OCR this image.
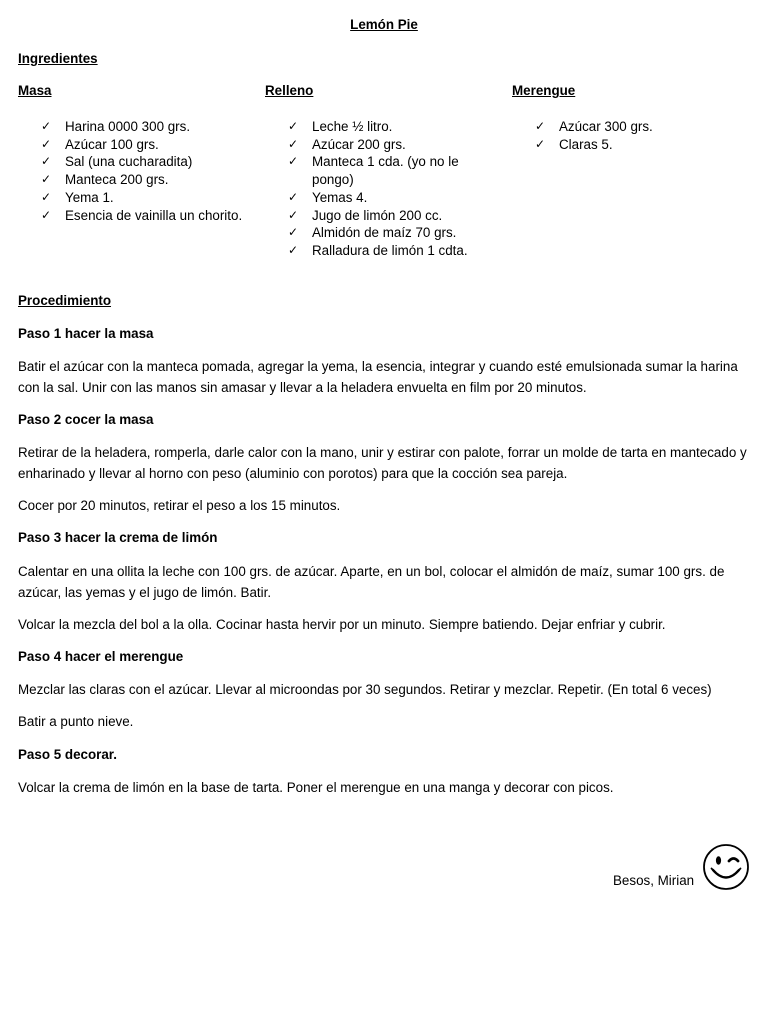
Lemón Pie
Ingredientes
Masa
✓ Harina 0000 300 grs.
✓ Azúcar 100 grs.
✓ Sal (una cucharadita)
✓ Manteca 200 grs.
✓ Yema 1.
✓ Esencia de vainilla un chorito.
Relleno
✓ Leche ½ litro.
✓ Azúcar 200 grs.
✓ Manteca 1 cda. (yo no le pongo)
✓ Yemas 4.
✓ Jugo de limón 200 cc.
✓ Almidón de maíz 70 grs.
✓ Ralladura de limón 1 cdta.
Merengue
✓ Azúcar 300 grs.
✓ Claras 5.
Procedimiento

Paso 1 hacer la masa

Batir el azúcar con la manteca pomada, agregar la yema, la esencia, integrar y cuando esté emulsionada sumar la harina con la sal. Unir con las manos sin amasar y llevar a la heladera envuelta en film por 20 minutos.

Paso 2 cocer la masa

Retirar de la heladera, romperla, darle calor con la mano, unir y estirar con palote, forrar un molde de tarta en mantecado y enharinado y llevar al horno con peso (aluminio con porotos) para que la cocción sea pareja.

Cocer por 20 minutos, retirar el peso a los 15 minutos.

Paso 3 hacer la crema de limón

Calentar en una ollita la leche con 100 grs. de azúcar. Aparte, en un bol, colocar el almidón de maíz, sumar 100 grs. de azúcar, las yemas y el jugo de limón. Batir.

Volcar la mezcla del bol a la olla. Cocinar hasta hervir por un minuto. Siempre batiendo. Dejar enfriar y cubrir.

Paso 4 hacer el merengue

Mezclar las claras con el azúcar. Llevar al microondas por 30 segundos. Retirar y mezclar. Repetir. (En total 6 veces)

Batir a punto nieve.

Paso 5 decorar.

Volcar la crema de limón en la base de tarta. Poner el merengue en una manga y decorar con picos.

Besos, Mirian
